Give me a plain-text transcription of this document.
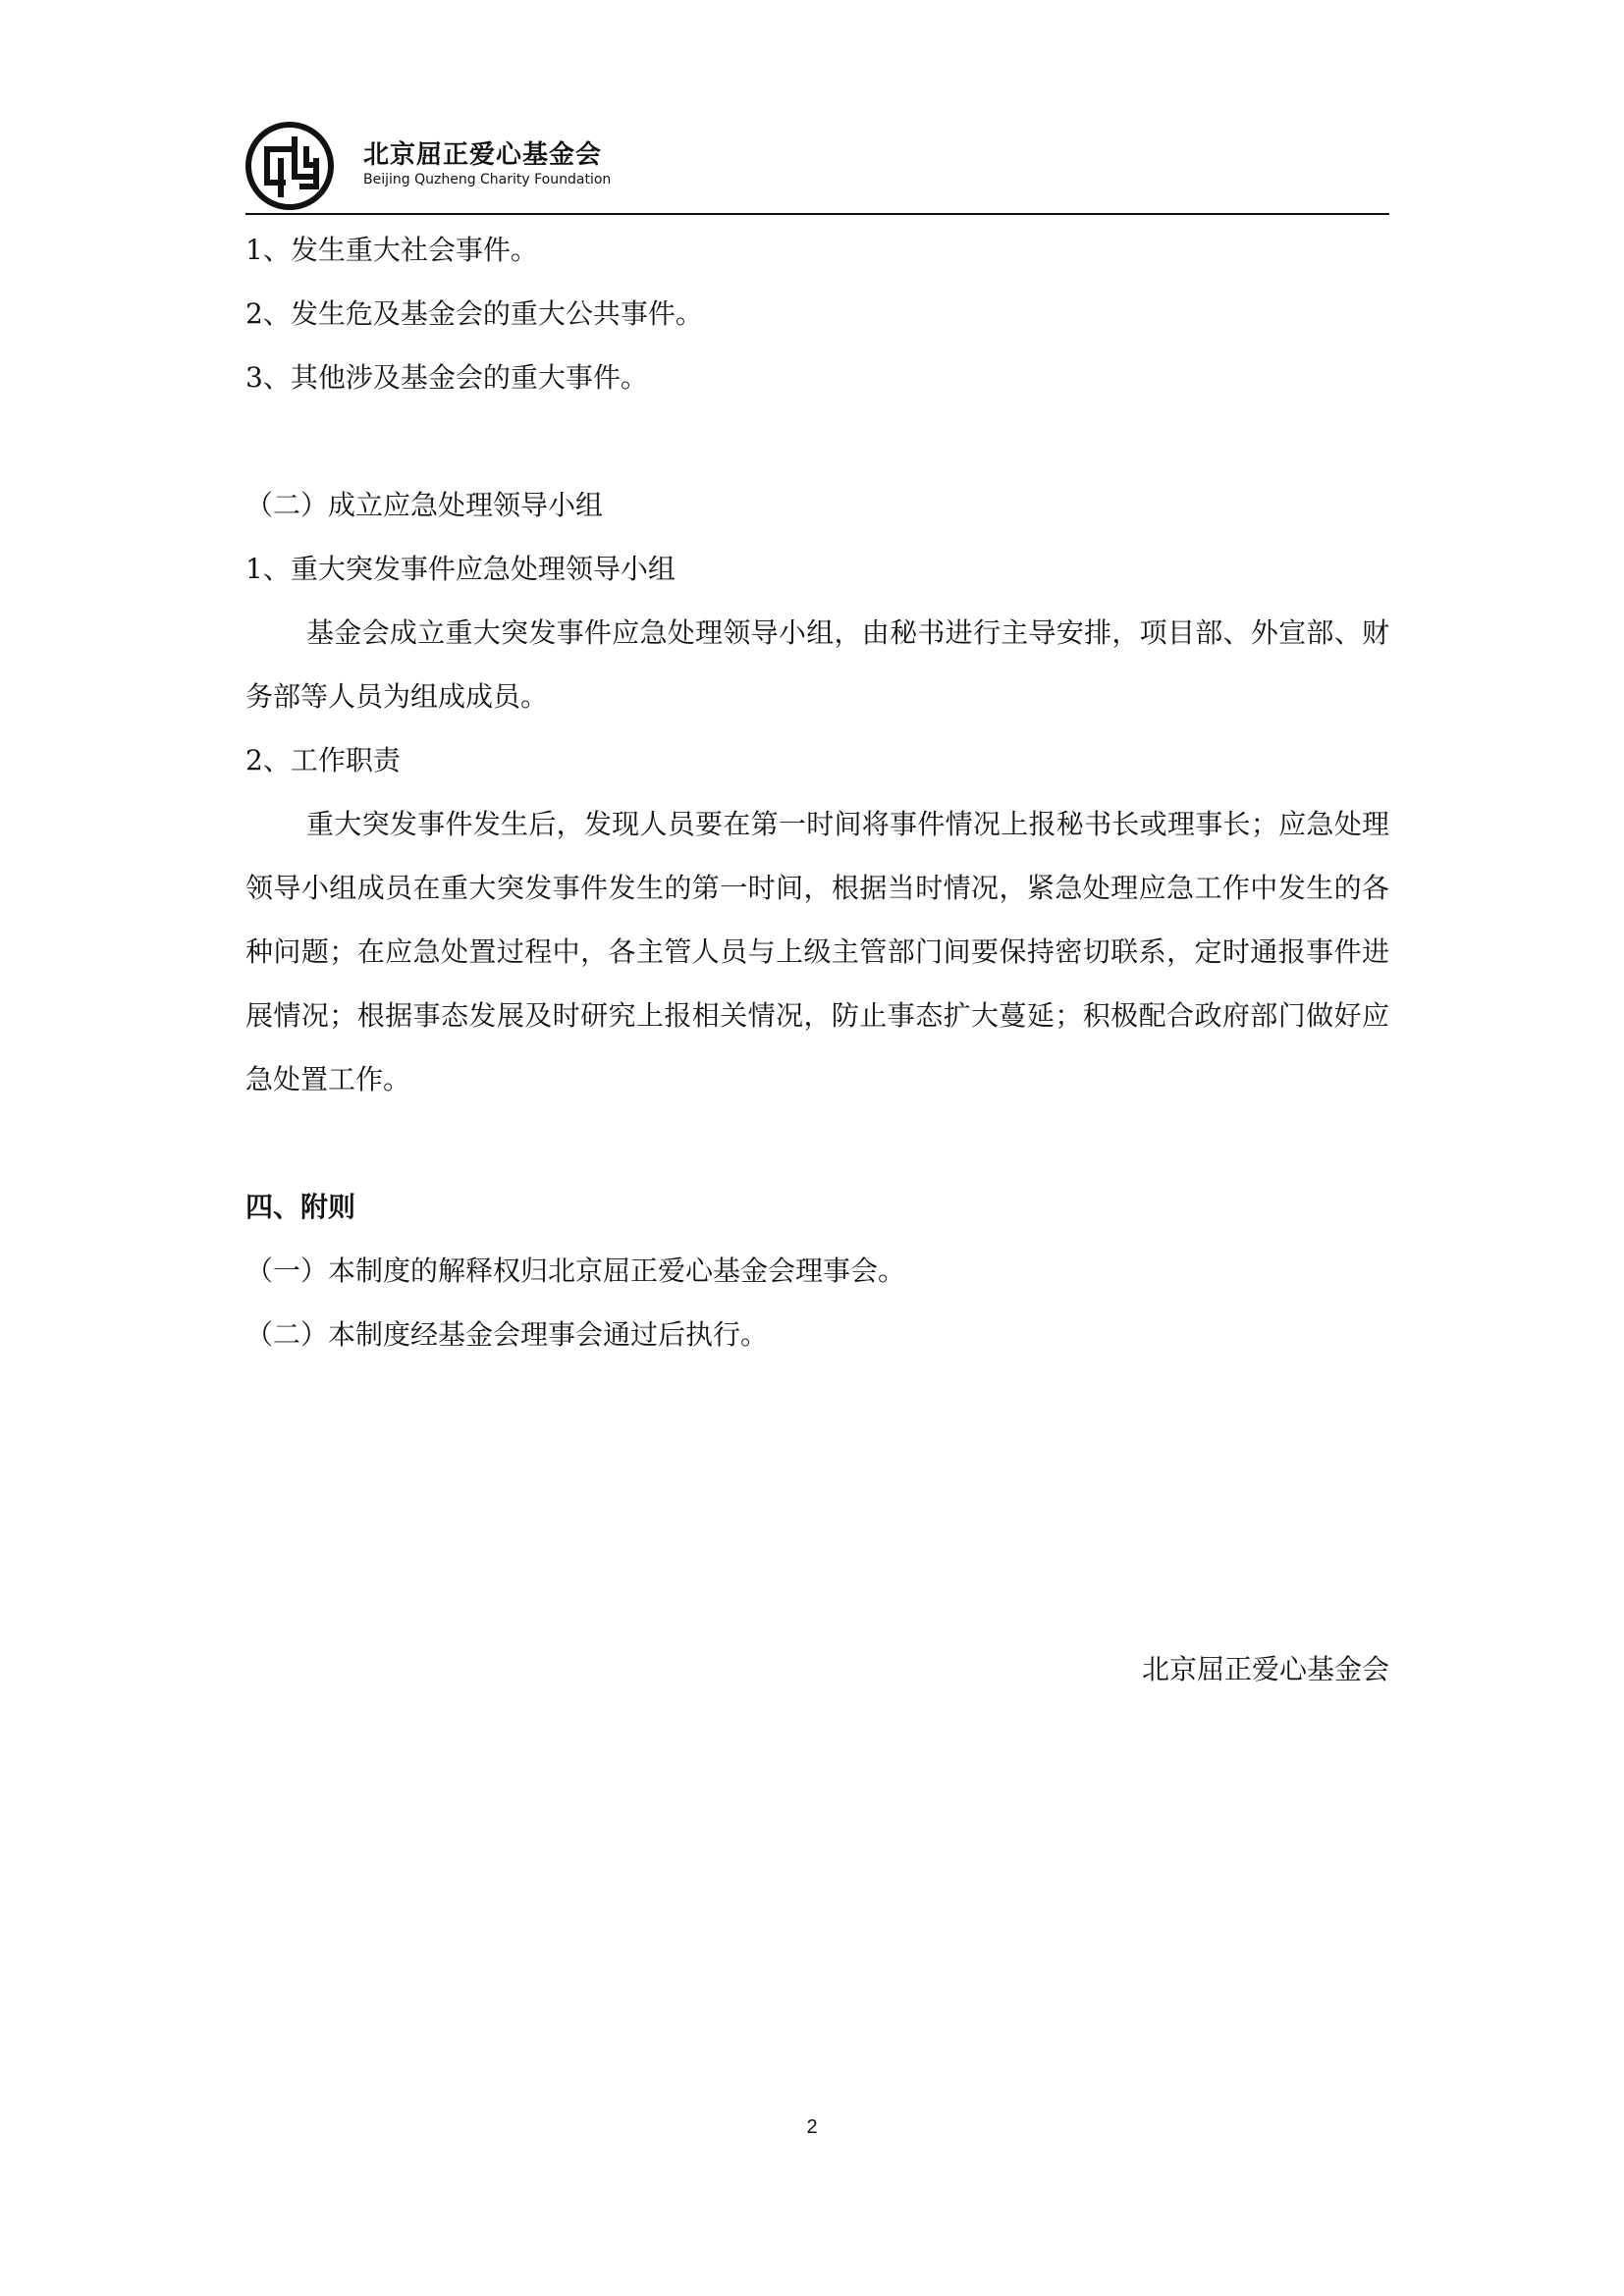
北京屈正爱心基金会
Beijing Quzheng Charity Foundation

1、发生重大社会事件。

2、发生危及基金会的重大公共事件。

3、其他涉及基金会的重大事件。

（二）成立应急处理领导小组

1、重大突发事件应急处理领导小组

基金会成立重大突发事件应急处理领导小组，由秘书进行主导安排，项目部、外宣部、财务部等人员为组成成员。

2、工作职责

重大突发事件发生后，发现人员要在第一时间将事件情况上报秘书长或理事长；应急处理领导小组成员在重大突发事件发生的第一时间，根据当时情况，紧急处理应急工作中发生的各种问题；在应急处置过程中，各主管人员与上级主管部门间要保持密切联系，定时通报事件进展情况；根据事态发展及时研究上报相关情况，防止事态扩大蔓延；积极配合政府部门做好应急处置工作。

四、附则

（一）本制度的解释权归北京屈正爱心基金会理事会。

（二）本制度经基金会理事会通过后执行。

北京屈正爱心基金会
2
